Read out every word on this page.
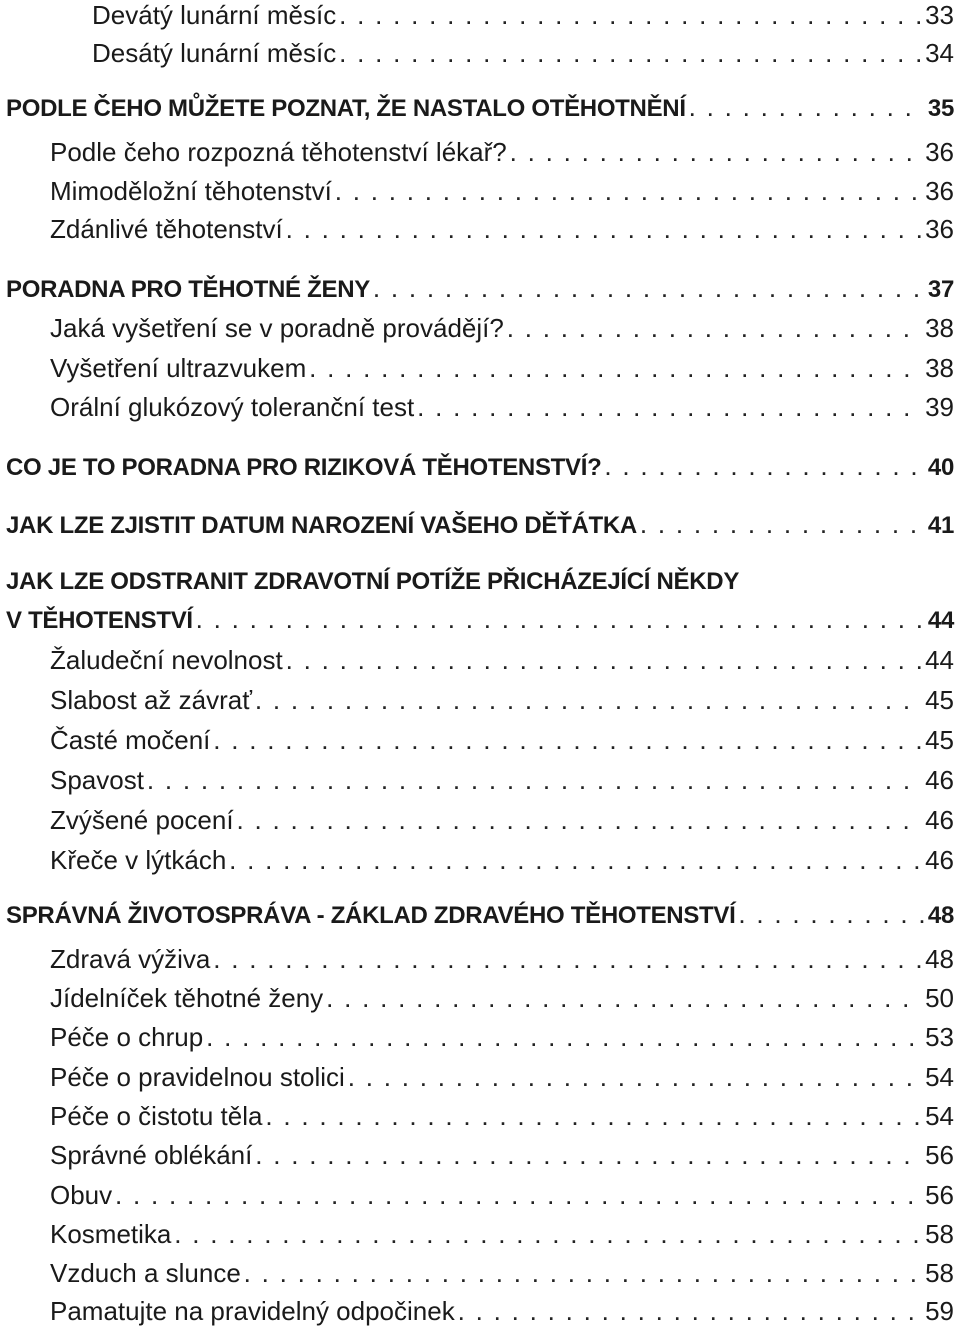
Devátý lunární měsíc . . .	33
Desátý lunární měsíc . . .	34
PODLE ČEHO MŮŽETE POZNAT, ŽE NASTALO OTĚHOTNĚNÍ . . .	35
Podle čeho rozpozná těhotenství lékař? . . .	36
Mimoděložní těhotenství . . .	36
Zdánlivé těhotenství . . .	36
PORADNA PRO TĚHOTNÉ ŽENY . . .	37
Jaká vyšetření se v poradně provádějí? . . .	38
Vyšetření ultrazvukem . . .	38
Orální glukózový toleranční test . . .	39
CO JE TO PORADNA PRO RIZIKOVÁ TĚHOTENSTVÍ? . . .	40
JAK LZE ZJISTIT DATUM NAROZENÍ VAŠEHO DĚŤÁTKA . . .	41
JAK LZE ODSTRANIT ZDRAVOTNÍ POTÍŽE PŘICHÁZEJÍCÍ NĚKDY
V TĚHOTENSTVÍ . . .	44
Žaludeční nevolnost . . .	44
Slabost až závrať . . .	45
Časté močení . . .	45
Spavost . . .	46
Zvýšené pocení . . .	46
Křeče v lýtkách . . .	46
SPRÁVNÁ ŽIVOTOSPRÁVA - ZÁKLAD ZDRAVÉHO TĚHOTENSTVÍ . . .	48
Zdravá výživa . . .	48
Jídelníček těhotné ženy . . .	50
Péče o chrup . . .	53
Péče o pravidelnou stolici . . .	54
Péče o čistotu těla . . .	54
Správné oblékání . . .	56
Obuv . . .	56
Kosmetika . . .	58
Vzduch a slunce . . .	58
Pamatujte na pravidelný odpočinek . . .	59
